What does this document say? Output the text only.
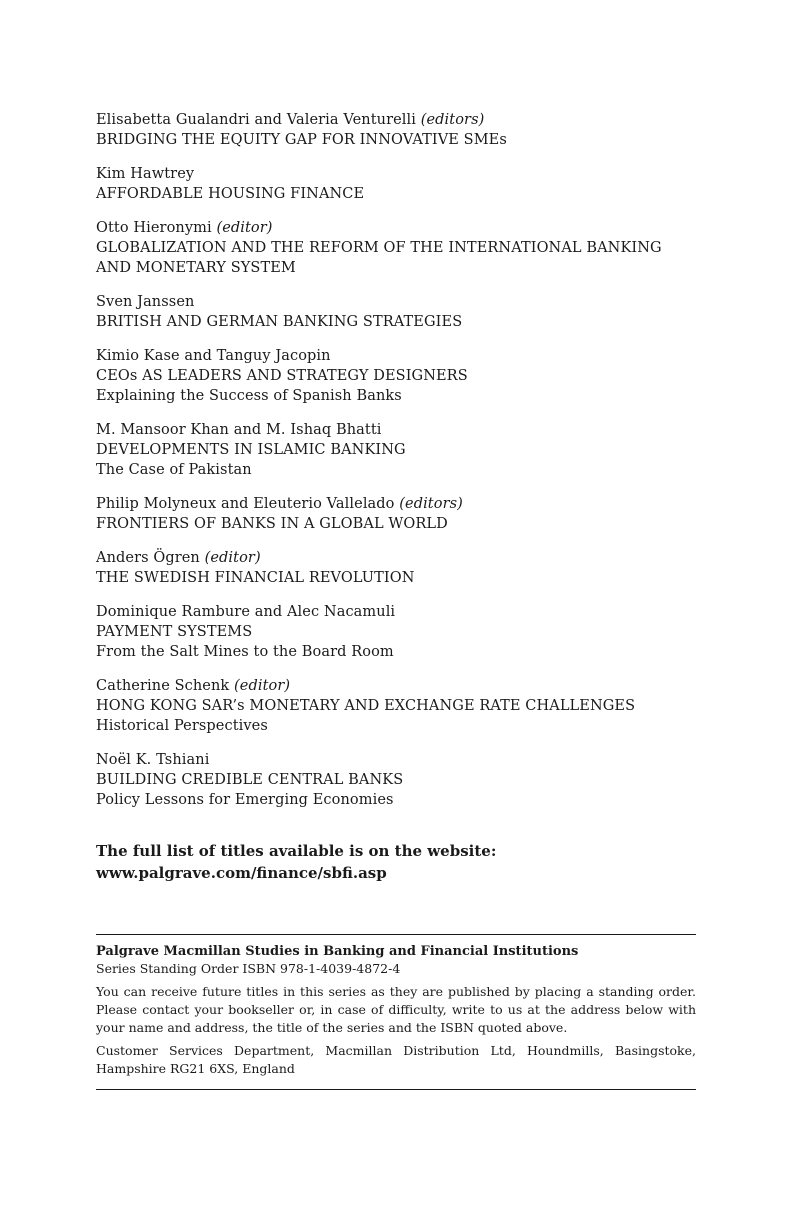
Elisabetta Gualandri and Valeria Venturelli (editors)
BRIDGING THE EQUITY GAP FOR INNOVATIVE SMEs
Kim Hawtrey
AFFORDABLE HOUSING FINANCE
Otto Hieronymi (editor)
GLOBALIZATION AND THE REFORM OF THE INTERNATIONAL BANKING
AND MONETARY SYSTEM
Sven Janssen
BRITISH AND GERMAN BANKING STRATEGIES
Kimio Kase and Tanguy Jacopin
CEOs AS LEADERS AND STRATEGY DESIGNERS
Explaining the Success of Spanish Banks
M. Mansoor Khan and M. Ishaq Bhatti
DEVELOPMENTS IN ISLAMIC BANKING
The Case of Pakistan
Philip Molyneux and Eleuterio Vallelado (editors)
FRONTIERS OF BANKS IN A GLOBAL WORLD
Anders Ögren (editor)
THE SWEDISH FINANCIAL REVOLUTION
Dominique Rambure and Alec Nacamuli
PAYMENT SYSTEMS
From the Salt Mines to the Board Room
Catherine Schenk (editor)
HONG KONG SAR’s MONETARY AND EXCHANGE RATE CHALLENGES
Historical Perspectives
Noël K. Tshiani
BUILDING CREDIBLE CENTRAL BANKS
Policy Lessons for Emerging Economies
The full list of titles available is on the website:
www.palgrave.com/finance/sbfi.asp
Palgrave Macmillan Studies in Banking and Financial Institutions
Series Standing Order ISBN 978-1-4039-4872-4

You can receive future titles in this series as they are published by placing a standing order. Please contact your bookseller or, in case of difficulty, write to us at the address below with your name and address, the title of the series and the ISBN quoted above.

Customer Services Department, Macmillan Distribution Ltd, Houndmills, Basingstoke, Hampshire RG21 6XS, England
